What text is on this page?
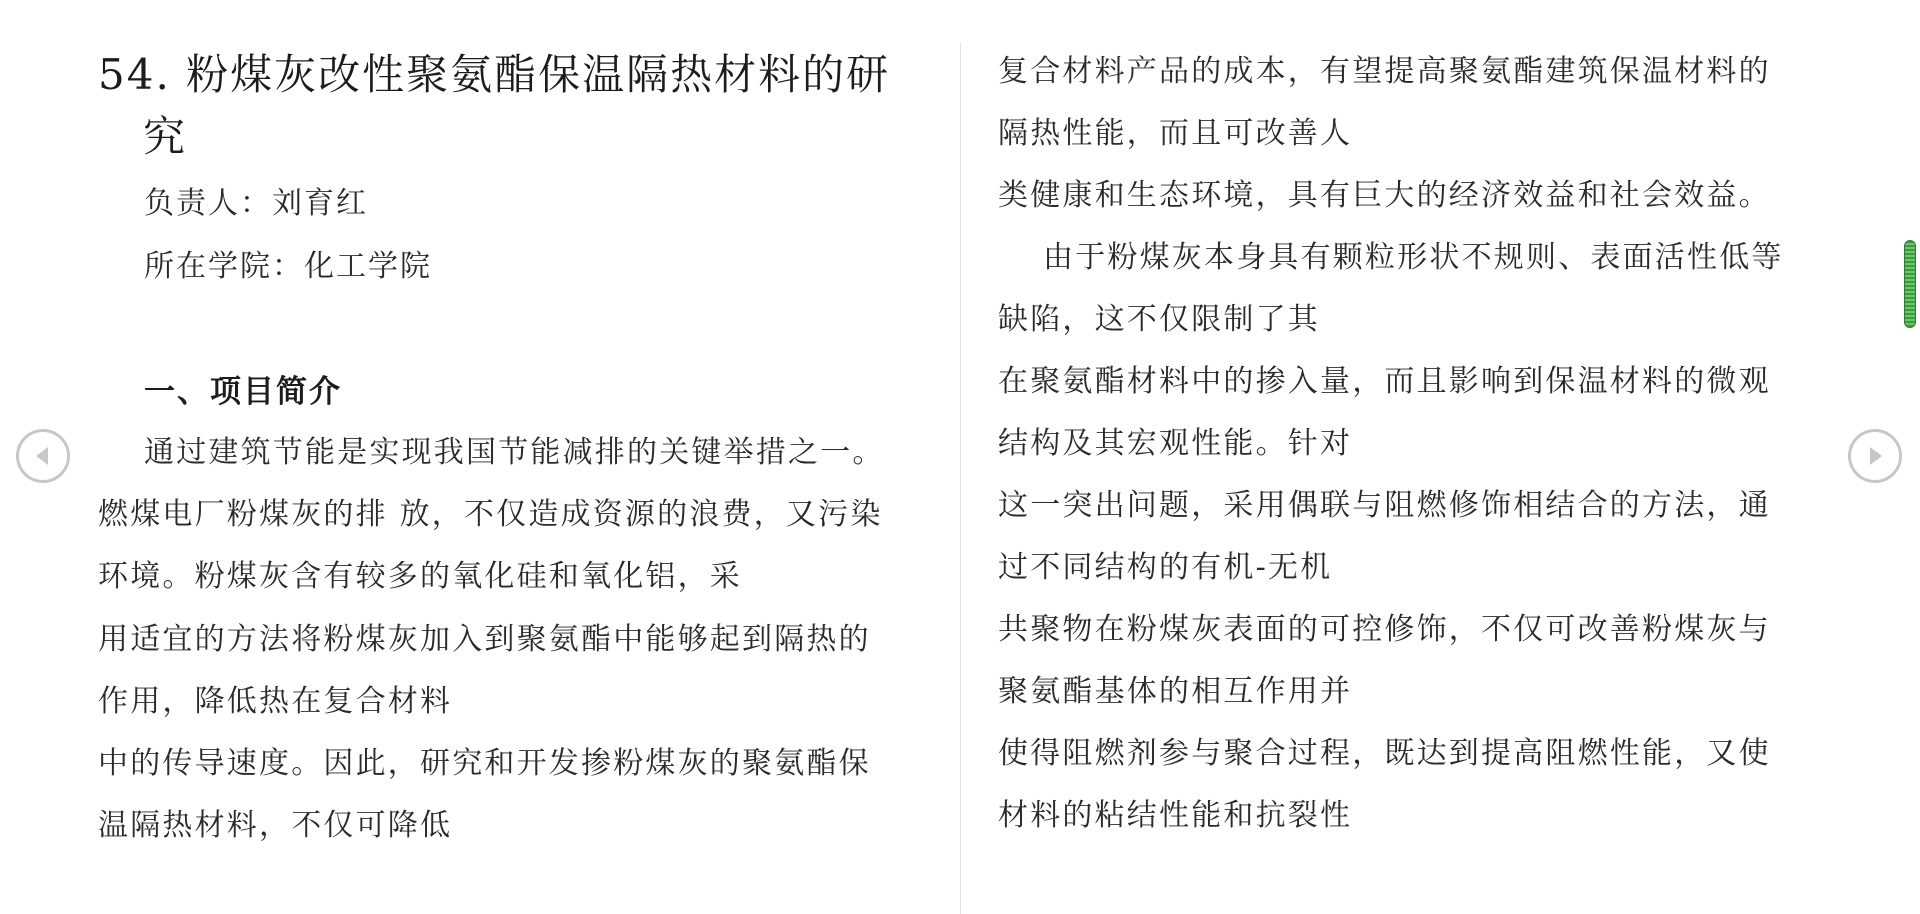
54. 粉煤灰改性聚氨酯保温隔热材料的研
究
负责人：刘育红
所在学院：化工学院
一、项目简介
通过建筑节能是实现我国节能减排的关键举措之一。
燃煤电厂粉煤灰的排 放，不仅造成资源的浪费，又污染
环境。粉煤灰含有较多的氧化硅和氧化铝，采
用适宜的方法将粉煤灰加入到聚氨酯中能够起到隔热的
作用，降低热在复合材料
中的传导速度。因此，研究和开发掺粉煤灰的聚氨酯保
温隔热材料，不仅可降低
复合材料产品的成本，有望提高聚氨酯建筑保温材料的
隔热性能，而且可改善人
类健康和生态环境，具有巨大的经济效益和社会效益。
由于粉煤灰本身具有颗粒形状不规则、表面活性低等
缺陷，这不仅限制了其
在聚氨酯材料中的掺入量，而且影响到保温材料的微观
结构及其宏观性能。针对
这一突出问题，采用偶联与阻燃修饰相结合的方法，通
过不同结构的有机-无机
共聚物在粉煤灰表面的可控修饰，不仅可改善粉煤灰与
聚氨酯基体的相互作用并
使得阻燃剂参与聚合过程，既达到提高阻燃性能，又使
材料的粘结性能和抗裂性
